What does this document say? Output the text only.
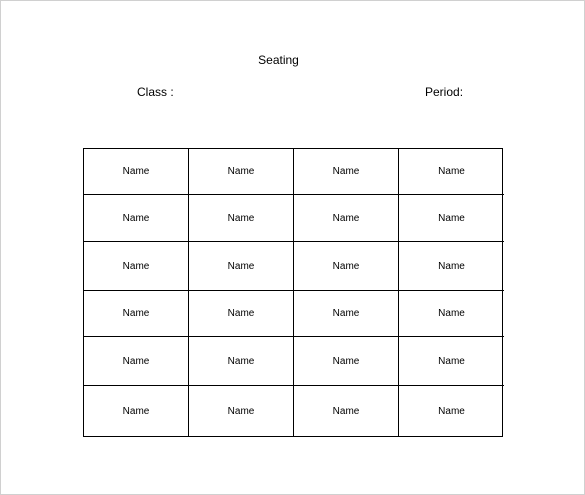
Seating
Class :	Period:
Name	Name	Name	Name
Name	Name	Name	Name
Name	Name	Name	Name
Name	Name	Name	Name
Name	Name	Name	Name
Name	Name	Name	Name
